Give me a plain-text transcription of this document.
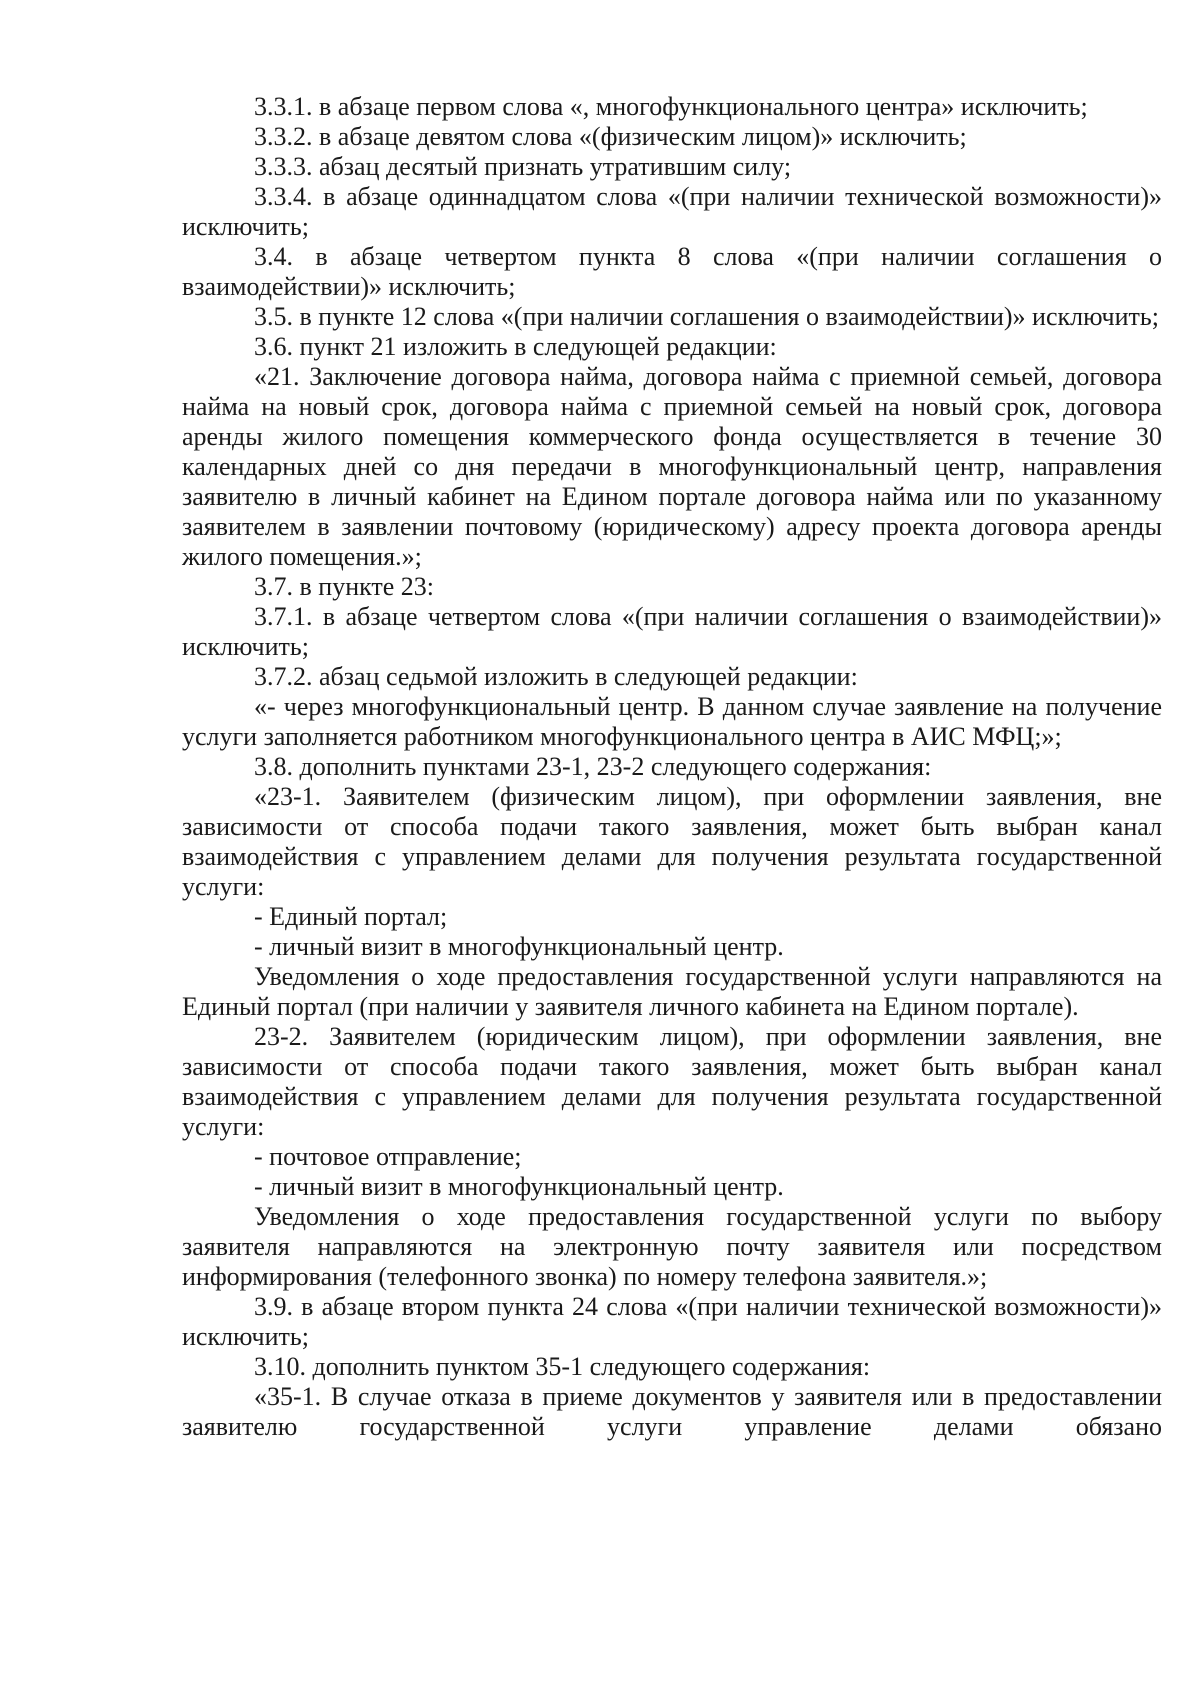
3.3.1. в абзаце первом слова «, многофункционального центра» исключить;

3.3.2. в абзаце девятом слова «(физическим лицом)» исключить;

3.3.3. абзац десятый признать утратившим силу;

3.3.4. в абзаце одиннадцатом слова «(при наличии технической возможности)» исключить;

3.4. в абзаце четвертом пункта 8 слова «(при наличии соглашения о взаимодействии)» исключить;

3.5. в пункте 12 слова «(при наличии соглашения о взаимодействии)» исключить;

3.6. пункт 21 изложить в следующей редакции:

«21. Заключение договора найма, договора найма с приемной семьей, договора найма на новый срок, договора найма с приемной семьей на новый срок, договора аренды жилого помещения коммерческого фонда осуществляется в течение 30 календарных дней со дня передачи в многофункциональный центр, направления заявителю в личный кабинет на Едином портале договора найма или по указанному заявителем в заявлении почтовому (юридическому) адресу проекта договора аренды жилого помещения.»;

3.7. в пункте 23:

3.7.1. в абзаце четвертом слова «(при наличии соглашения о взаимодействии)» исключить;

3.7.2. абзац седьмой изложить в следующей редакции:

«- через многофункциональный центр. В данном случае заявление на получение услуги заполняется работником многофункционального центра в АИС МФЦ;»;

3.8. дополнить пунктами 23-1, 23-2 следующего содержания:

«23-1. Заявителем (физическим лицом), при оформлении заявления, вне зависимости от способа подачи такого заявления, может быть выбран канал взаимодействия с управлением делами для получения результата государственной услуги:

- Единый портал;

- личный визит в многофункциональный центр.

Уведомления о ходе предоставления государственной услуги направляются на Единый портал (при наличии у заявителя личного кабинета на Едином портале).

23-2. Заявителем (юридическим лицом), при оформлении заявления, вне зависимости от способа подачи такого заявления, может быть выбран канал взаимодействия с управлением делами для получения результата государственной услуги:

- почтовое отправление;

- личный визит в многофункциональный центр.

Уведомления о ходе предоставления государственной услуги по выбору заявителя направляются на электронную почту заявителя или посредством информирования (телефонного звонка) по номеру телефона заявителя.»;

3.9. в абзаце втором пункта 24 слова «(при наличии технической возможности)» исключить;

3.10. дополнить пунктом 35-1 следующего содержания:

«35-1. В случае отказа в приеме документов у заявителя или в предоставлении заявителю государственной услуги управление делами обязано
